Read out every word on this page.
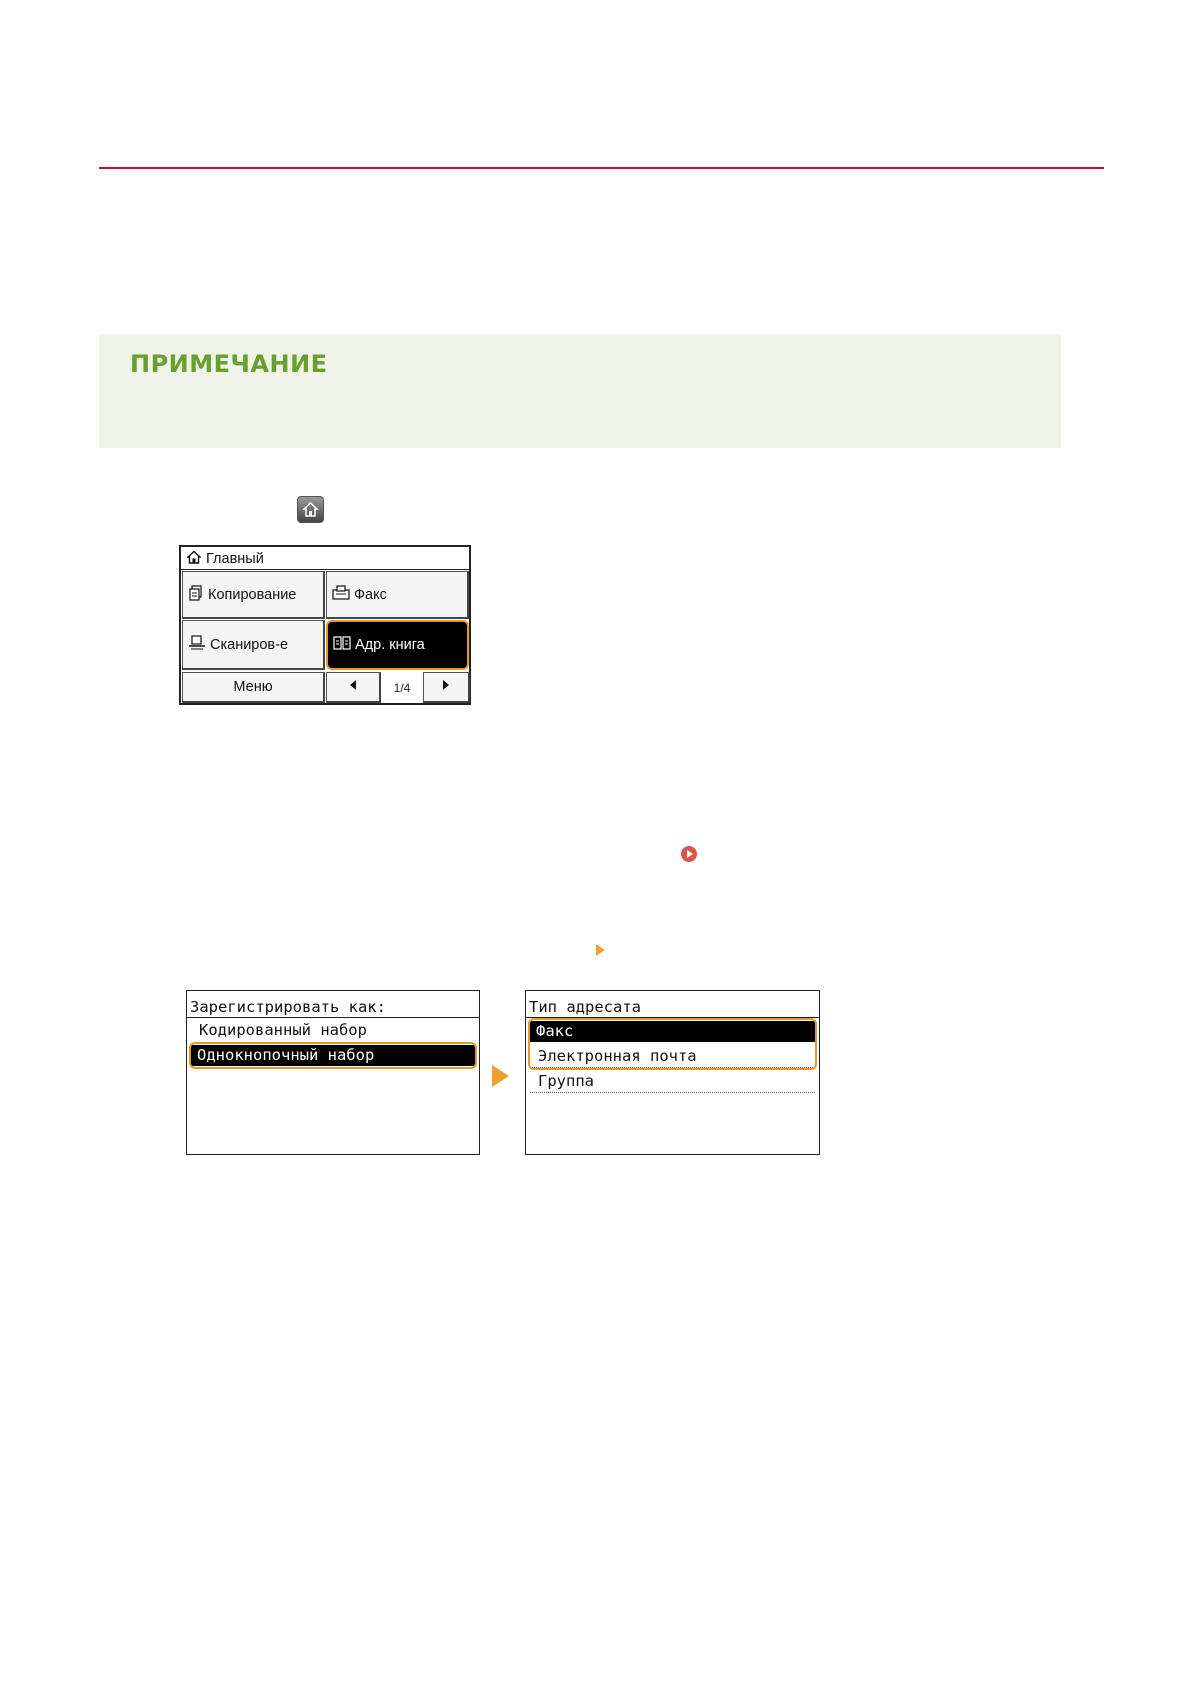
ПРИМЕЧАНИЕ
Главный
Копирование	Факс
Сканиров-е	Адр. книга
Меню	1/4
Зарегистрировать как:
Кодированный набор
Однокнопочный набор
Тип адресата
Факс
Электронная почта
Группа
